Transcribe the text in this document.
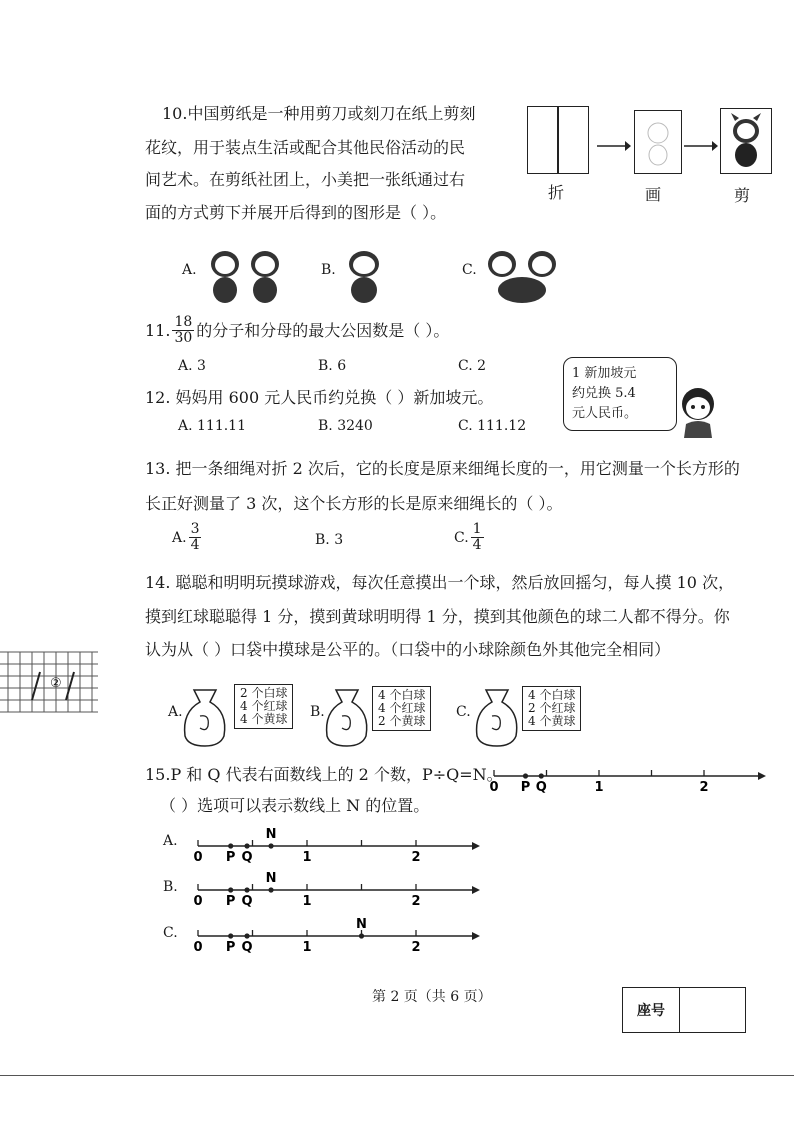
10.中国剪纸是一种用剪刀或刻刀在纸上剪刻
花纹，用于装点生活或配合其他民俗活动的民
间艺术。在剪纸社团上，小美把一张纸通过右
面的方式剪下并展开后得到的图形是（ ）。
折	画	剪
A.	B.	C.
11. $\frac{18}{30}$ 的分子和分母的最大公因数是（ ）。
A. 3	B. 6	C. 2
12. 妈妈用 600 元人民币约兑换（ ）新加坡元。
A. 111.11	B. 3240	C. 111.12
1 新加坡元
约兑换 5.4
元人民币。
13. 把一条细绳对折 2 次后，它的长度是原来细绳长度的一，用它测量一个长方形的
长正好测量了 3 次，这个长方形的长是原来细绳长的（ ）。
A. $\frac{3}{4}$	B. 3	C. $\frac{1}{4}$
14. 聪聪和明明玩摸球游戏，每次任意摸出一个球，然后放回摇匀，每人摸 10 次，
摸到红球聪聪得 1 分，摸到黄球明明得 1 分，摸到其他颜色的球二人都不得分。你
认为从（ ）口袋中摸球是公平的。（口袋中的小球除颜色外其他完全相同）
②
A.
2 个白球
4 个红球
4 个黄球 B.
4 个白球
4 个红球
2 个黄球
C.
4 个白球
2 个红球
4 个黄球
15.P 和 Q 代表右面数线上的 2 个数，P÷Q=N。
（ ）选项可以表示数线上 N 的位置。
0 P Q	1	2
A.
0 P Q	1	2
N
B.
0 P Q	1	2
N
C.
0 P Q	1	2
N
第 2 页（共 6 页）
座号
